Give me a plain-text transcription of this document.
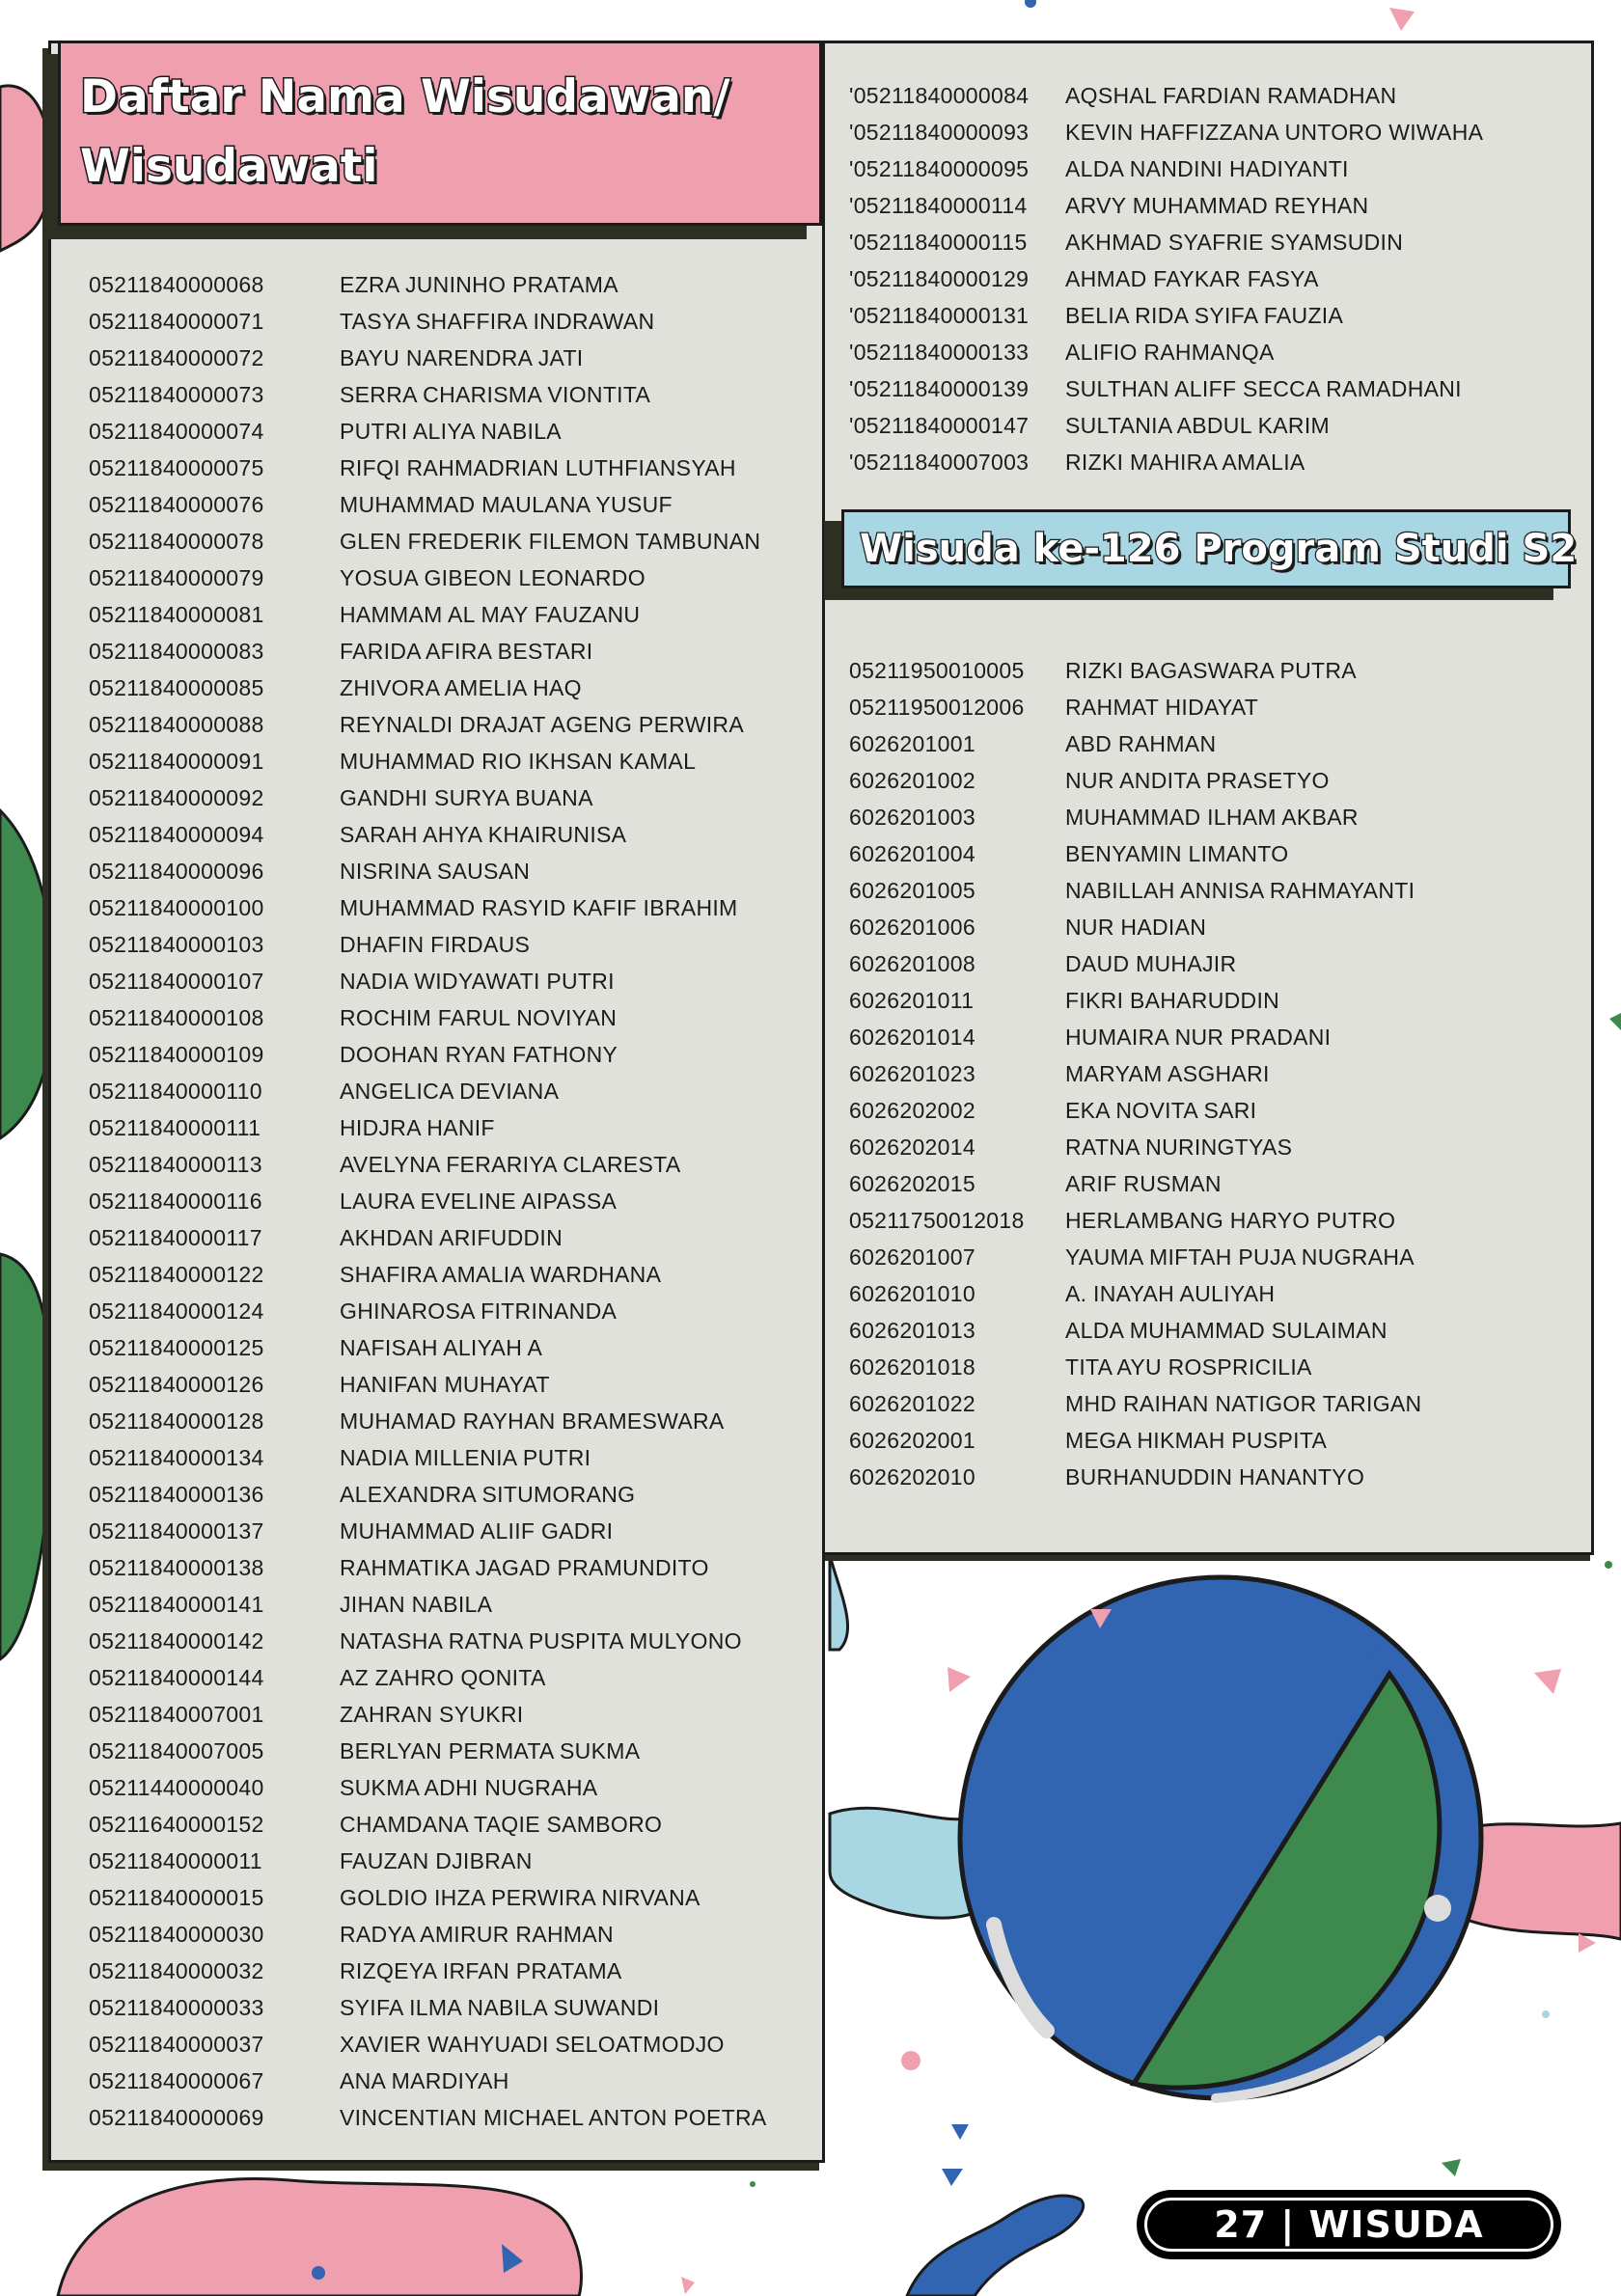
Daftar Nama Wisudawan/
Wisudawati
05211840000068	EZRA JUNINHO PRATAMA
05211840000071	TASYA SHAFFIRA INDRAWAN
05211840000072	BAYU NARENDRA JATI
05211840000073	SERRA CHARISMA VIONTITA
05211840000074	PUTRI ALIYA NABILA
05211840000075	RIFQI RAHMADRIAN LUTHFIANSYAH
05211840000076	MUHAMMAD MAULANA YUSUF
05211840000078	GLEN FREDERIK FILEMON TAMBUNAN
05211840000079	YOSUA GIBEON LEONARDO
05211840000081	HAMMAM AL MAY FAUZANU
05211840000083	FARIDA AFIRA BESTARI
05211840000085	ZHIVORA AMELIA HAQ
05211840000088	REYNALDI DRAJAT AGENG PERWIRA
05211840000091	MUHAMMAD RIO IKHSAN KAMAL
05211840000092	GANDHI SURYA BUANA
05211840000094	SARAH AHYA KHAIRUNISA
05211840000096	NISRINA SAUSAN
05211840000100	MUHAMMAD RASYID KAFIF IBRAHIM
05211840000103	DHAFIN FIRDAUS
05211840000107	NADIA WIDYAWATI PUTRI
05211840000108	ROCHIM FARUL NOVIYAN
05211840000109	DOOHAN RYAN FATHONY
05211840000110	ANGELICA DEVIANA
05211840000111	HIDJRA HANIF
05211840000113	AVELYNA FERARIYA CLARESTA
05211840000116	LAURA EVELINE AIPASSA
05211840000117	AKHDAN ARIFUDDIN
05211840000122	SHAFIRA AMALIA WARDHANA
05211840000124	GHINAROSA FITRINANDA
05211840000125	NAFISAH ALIYAH A
05211840000126	HANIFAN MUHAYAT
05211840000128	MUHAMAD RAYHAN BRAMESWARA
05211840000134	NADIA MILLENIA PUTRI
05211840000136	ALEXANDRA SITUMORANG
05211840000137	MUHAMMAD ALIIF GADRI
05211840000138	RAHMATIKA JAGAD PRAMUNDITO
05211840000141	JIHAN NABILA
05211840000142	NATASHA RATNA PUSPITA MULYONO
05211840000144	AZ ZAHRO QONITA
05211840007001	ZAHRAN SYUKRI
05211840007005	BERLYAN PERMATA SUKMA
05211440000040	SUKMA ADHI NUGRAHA
05211640000152	CHAMDANA TAQIE SAMBORO
05211840000011	FAUZAN DJIBRAN
05211840000015	GOLDIO IHZA PERWIRA NIRVANA
05211840000030	RADYA AMIRUR RAHMAN
05211840000032	RIZQEYA IRFAN PRATAMA
05211840000033	SYIFA ILMA NABILA SUWANDI
05211840000037	XAVIER WAHYUADI SELOATMODJO
05211840000067	ANA MARDIYAH
05211840000069	VINCENTIAN MICHAEL ANTON POETRA
'05211840000084 AQSHAL FARDIAN RAMADHAN
'05211840000093 KEVIN HAFFIZZANA UNTORO WIWAHA
'05211840000095 ALDA NANDINI HADIYANTI
'05211840000114 ARVY MUHAMMAD REYHAN
'05211840000115 AKHMAD SYAFRIE SYAMSUDIN
'05211840000129 AHMAD FAYKAR FASYA
'05211840000131 BELIA RIDA SYIFA FAUZIA
'05211840000133 ALIFIO RAHMANQA
'05211840000139 SULTHAN ALIFF SECCA RAMADHANI
'05211840000147 SULTANIA ABDUL KARIM
'05211840007003 RIZKI MAHIRA AMALIA
Wisuda ke-126 Program Studi S2
05211950010005 RIZKI BAGASWARA PUTRA
05211950012006 RAHMAT HIDAYAT
6026201001	ABD RAHMAN
6026201002	NUR ANDITA PRASETYO
6026201003	MUHAMMAD ILHAM AKBAR
6026201004	BENYAMIN LIMANTO
6026201005	NABILLAH ANNISA RAHMAYANTI
6026201006	NUR HADIAN
6026201008	DAUD MUHAJIR
6026201011	FIKRI BAHARUDDIN
6026201014	HUMAIRA NUR PRADANI
6026201023	MARYAM ASGHARI
6026202002	EKA NOVITA SARI
6026202014	RATNA NURINGTYAS
6026202015	ARIF RUSMAN
05211750012018 HERLAMBANG HARYO PUTRO
6026201007	YAUMA MIFTAH PUJA NUGRAHA
6026201010	A. INAYAH AULIYAH
6026201013	ALDA MUHAMMAD SULAIMAN
6026201018	TITA AYU ROSPRICILIA
6026201022	MHD RAIHAN NATIGOR TARIGAN
6026202001	MEGA HIKMAH PUSPITA
6026202010	BURHANUDDIN HANANTYO
27 | WISUDA
